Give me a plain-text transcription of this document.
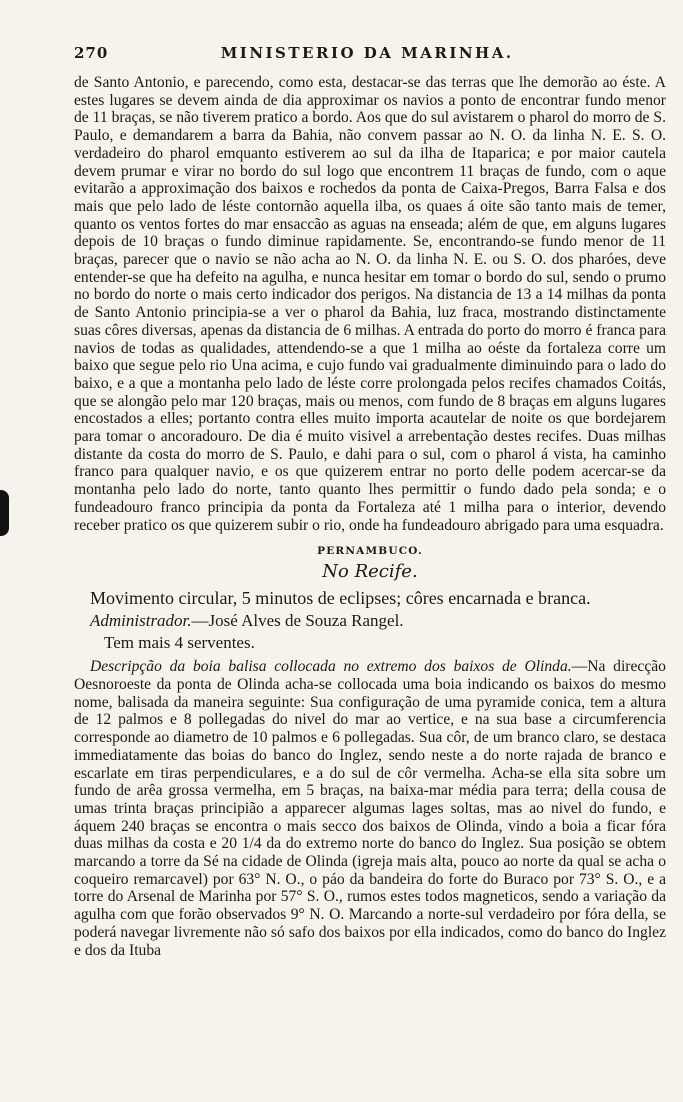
270	MINISTERIO DA MARINHA.

de Santo Antonio, e parecendo, como esta, destacar-se das terras que lhe demorão ao éste. A estes lugares se devem ainda de dia approximar os navios a ponto de encontrar fundo menor de 11 braças, se não tiverem pratico a bordo. Aos que do sul avistarem o pharol do morro de S. Paulo, e demandarem a barra da Bahia, não convem passar ao N. O. da linha N. E. S. O. verdadeiro do pharol emquanto estiverem ao sul da ilha de Itaparica; e por maior cautela devem prumar e virar no bordo do sul logo que encontrem 11 braças de fundo, com o aque evitarão a approximação dos baixos e rochedos da ponta de Caixa-Pregos, Barra Falsa e dos mais que pelo lado de léste contornão aquella ilba, os quaes á oite são tanto mais de temer, quanto os ventos fortes do mar ensaccão as aguas na enseada; além de que, em alguns lugares depois de 10 braças o fundo diminue rapidamente. Se, encontrando-se fundo menor de 11 braças, parecer que o navio se não acha ao N. O. da linha N. E. ou S. O. dos pharóes, deve entender-se que ha defeito na agulha, e nunca hesitar em tomar o bordo do sul, sendo o prumo no bordo do norte o mais certo indicador dos perigos. Na distancia de 13 a 14 milhas da ponta de Santo Antonio principia-se a ver o pharol da Bahia, luz fraca, mostrando distinctamente suas côres diversas, apenas da distancia de 6 milhas. A entrada do porto do morro é franca para navios de todas as qualidades, attendendo-se a que 1 milha ao oéste da fortaleza corre um baixo que segue pelo rio Una acima, e cujo fundo vai gradualmente diminuindo para o lado do baixo, e a que a montanha pelo lado de léste corre prolongada pelos recifes chamados Coitás, que se alongão pelo mar 120 braças, mais ou menos, com fundo de 8 braças em alguns lugares encostados a elles; portanto contra elles muito importa acautelar de noite os que bordejarem para tomar o ancoradouro. De dia é muito visivel a arrebentação destes recifes. Duas milhas distante da costa do morro de S. Paulo, e dahi para o sul, com o pharol á vista, ha caminho franco para qualquer navio, e os que quizerem entrar no porto delle podem acercar-se da montanha pelo lado do norte, tanto quanto lhes permittir o fundo dado pela sonda; e o fundeadouro franco principia da ponta da Fortaleza até 1 milha para o interior, devendo receber pratico os que quizerem subir o rio, onde ha fundeadouro abrigado para uma esquadra.

PERNAMBUCO.
No Recife.
Movimento circular, 5 minutos de eclipses; côres encarnada e branca.
Administrador.—José Alves de Souza Rangel.
Tem mais 4 serventes.

Descripção da boia balisa collocada no extremo dos baixos de Olinda.—Na direcção Oesnoroeste da ponta de Olinda acha-se collocada uma boia indicando os baixos do mesmo nome, balisada da maneira seguinte: Sua configuração de uma pyramide conica, tem a altura de 12 palmos e 8 pollegadas do nivel do mar ao vertice, e na sua base a circumferencia corresponde ao diametro de 10 palmos e 6 pollegadas. Sua côr, de um branco claro, se destaca immediatamente das boias do banco do Inglez, sendo neste a do norte rajada de branco e escarlate em tiras perpendiculares, e a do sul de côr vermelha. Acha-se ella sita sobre um fundo de arêa grossa vermelha, em 5 braças, na baixa-mar média para terra; della cousa de umas trinta braças principião a apparecer algumas lages soltas, mas ao nivel do fundo, e áquem 240 braças se encontra o mais secco dos baixos de Olinda, vindo a boia a ficar fóra duas milhas da costa e 20 1/4 da do extremo norte do banco do Inglez. Sua posição se obtem marcando a torre da Sé na cidade de Olinda (igreja mais alta, pouco ao norte da qual se acha o coqueiro remarcavel) por 63° N. O., o páo da bandeira do forte do Buraco por 73° S. O., e a torre do Arsenal de Marinha por 57° S. O., rumos estes todos magneticos, sendo a variação da agulha com que forão observados 9° N. O. Marcando a norte-sul verdadeiro por fóra della, se poderá navegar livremente não só safo dos baixos por ella indicados, como do banco do Inglez e dos da Ituba
